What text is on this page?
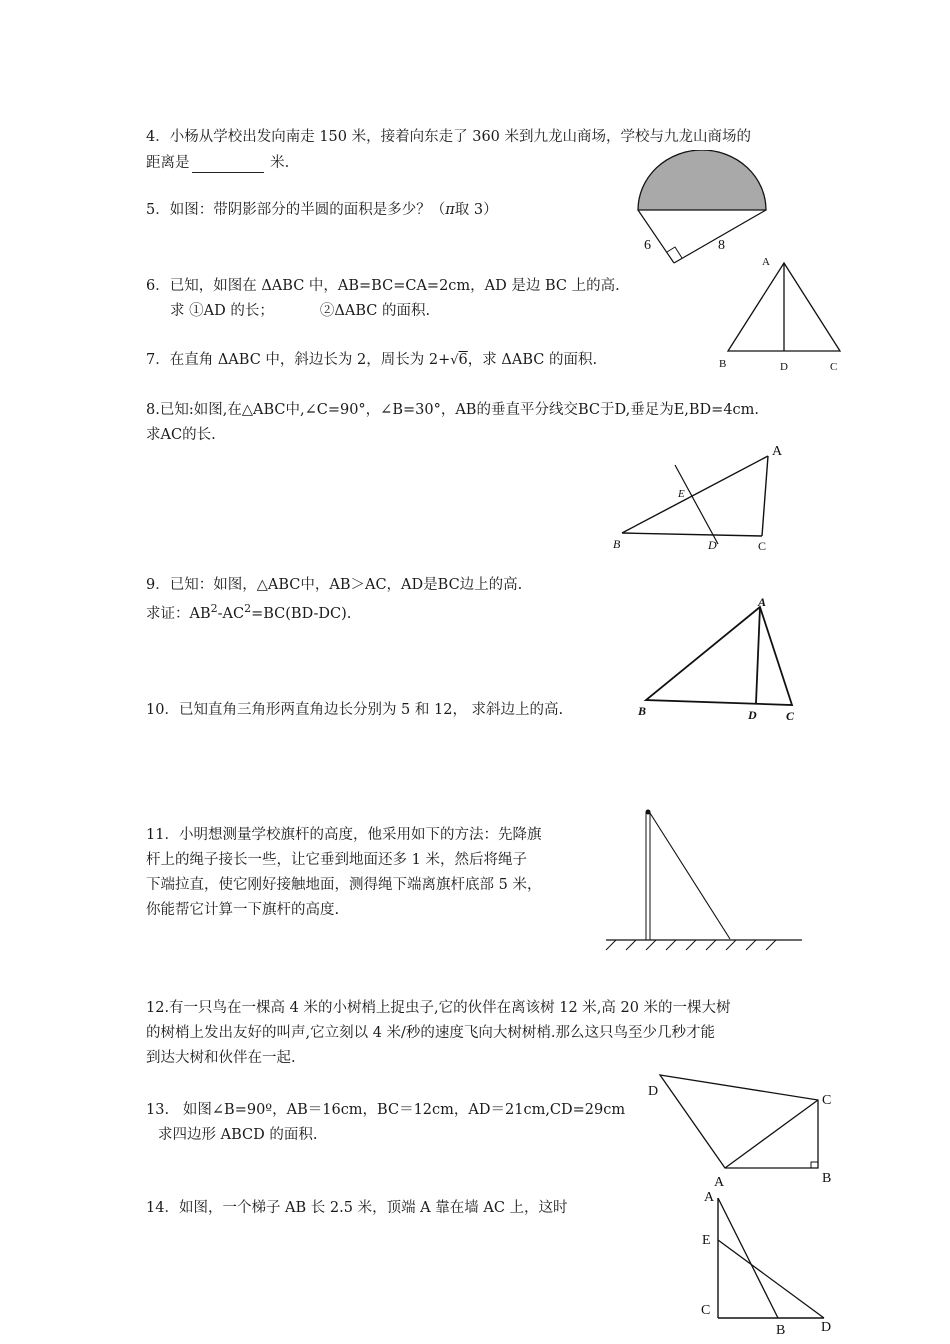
4．小杨从学校出发向南走 150 米，接着向东走了 360 米到九龙山商场，学校与九龙山商场的
距离是	米.
5．如图：带阴影部分的半圆的面积是多少？（π取 3）
6	8
6．已知，如图在 ΔABC 中，AB=BC=CA=2cm，AD 是边 BC 上的高.
求 ①AD 的长；          ②ΔABC 的面积.
A
B	D	C
7．在直角 ΔABC 中，斜边长为 2，周长为 2+√6，求 ΔABC 的面积.
8.已知:如图,在△ABC中,∠C=90°，∠B=30°，AB的垂直平分线交BC于D,垂足为E,BD=4cm.
求AC的长.
B
A
C
D
E
9．已知：如图，△ABC中，AB＞AC，AD是BC边上的高.
求证：$AB^2-AC^2=BC(BD-DC)$.
A
B	D C
10．已知直角三角形两直角边长分别为 5 和 12， 求斜边上的高.
11．小明想测量学校旗杆的高度，他采用如下的方法：先降旗
杆上的绳子接长一些，让它垂到地面还多 1 米，然后将绳子
下端拉直，使它刚好接触地面，测得绳下端离旗杆底部 5 米，
你能帮它计算一下旗杆的高度.
12.有一只鸟在一棵高 4 米的小树梢上捉虫子,它的伙伴在离该树 12 米,高 20 米的一棵大树
的树梢上发出友好的叫声,它立刻以 4 米/秒的速度飞向大树树梢.那么这只鸟至少几秒才能
到达大树和伙伴在一起.
13.   如图∠B=90º，AB＝16cm，BC＝12cm，AD＝21cm,CD=29cm
求四边形 ABCD 的面积.
D
C
A	B
14．如图，一个梯子 AB 长 2.5 米，顶端 A 靠在墙 AC 上，这时
A
E
C
B	D
